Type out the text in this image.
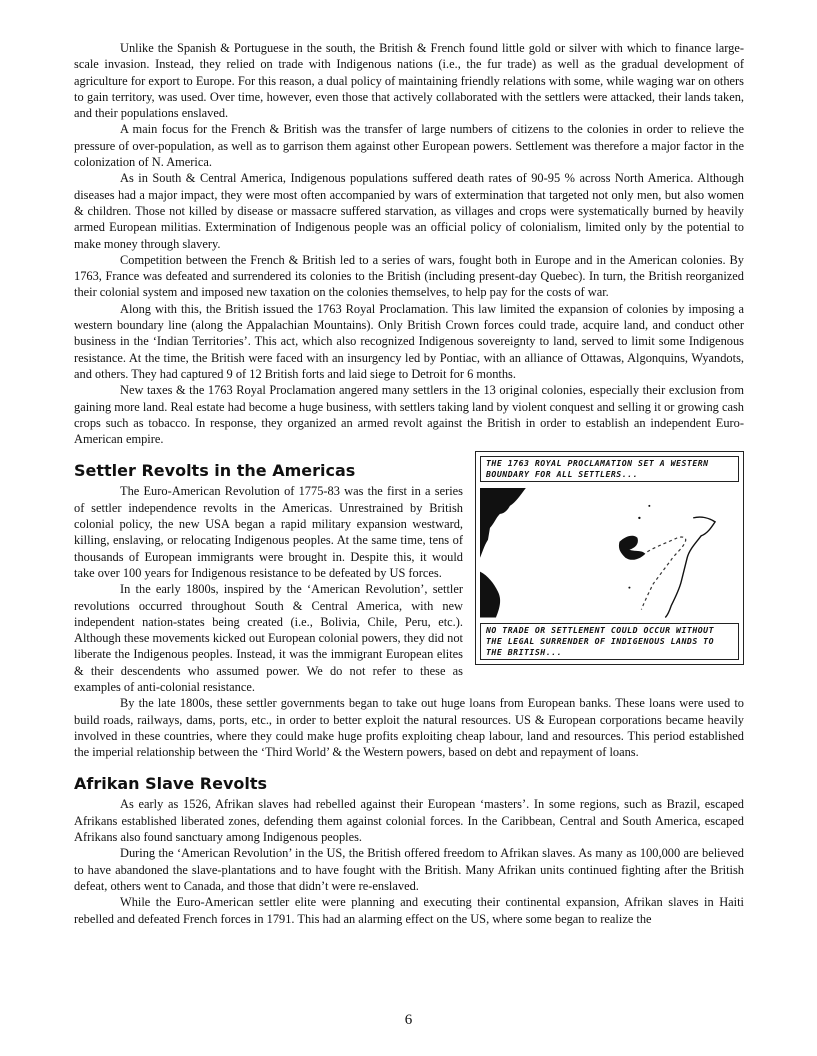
Unlike the Spanish & Portuguese in the south, the British & French found little gold or silver with which to finance large-scale invasion. Instead, they relied on trade with Indigenous nations (i.e., the fur trade) as well as the gradual development of agriculture for export to Europe. For this reason, a dual policy of maintaining friendly relations with some, while waging war on others to gain territory, was used. Over time, however, even those that actively collaborated with the settlers were attacked, their lands taken, and their populations enslaved.

A main focus for the French & British was the transfer of large numbers of citizens to the colonies in order to relieve the pressure of over-population, as well as to garrison them against other European powers. Settlement was therefore a major factor in the colonization of N. America.

As in South & Central America, Indigenous populations suffered death rates of 90-95 % across North America. Although diseases had a major impact, they were most often accompanied by wars of extermination that targeted not only men, but also women & children. Those not killed by disease or massacre suffered starvation, as villages and crops were systematically burned by heavily armed European militias. Extermination of Indigenous people was an official policy of colonialism, limited only by the potential to make money through slavery.

Competition between the French & British led to a series of wars, fought both in Europe and in the American colonies. By 1763, France was defeated and surrendered its colonies to the British (including present-day Quebec). In turn, the British reorganized their colonial system and imposed new taxation on the colonies themselves, to help pay for the costs of war.

Along with this, the British issued the 1763 Royal Proclamation. This law limited the expansion of colonies by imposing a western boundary line (along the Appalachian Mountains). Only British Crown forces could trade, acquire land, and conduct other business in the ‘Indian Territories’. This act, which also recognized Indigenous sovereignty to land, served to limit some Indigenous resistance. At the time, the British were faced with an insurgency led by Pontiac, with an alliance of Ottawas, Algonquins, Wyandots, and others. They had captured 9 of 12 British forts and laid siege to Detroit for 6 months.

New taxes & the 1763 Royal Proclamation angered many settlers in the 13 original colonies, especially their exclusion from gaining more land. Real estate had become a huge business, with settlers taking land by violent conquest and selling it or growing cash crops such as tobacco. In response, they organized an armed revolt against the British in order to establish an independent Euro-American empire.

THE 1763 ROYAL PROCLAMATION SET A WESTERN BOUNDARY FOR ALL SETTLERS...
NO TRADE OR SETTLEMENT COULD OCCUR WITHOUT THE LEGAL SURRENDER OF INDIGENOUS LANDS TO THE BRITISH...
Settler Revolts in the Americas

The Euro-American Revolution of 1775-83 was the first in a series of settler independence revolts in the Americas. Unrestrained by British colonial policy, the new USA began a rapid military expansion westward, killing, enslaving, or relocating Indigenous peoples. At the same time, tens of thousands of European immigrants were brought in. Despite this, it would take over 100 years for Indigenous resistance to be defeated by US forces.

In the early 1800s, inspired by the ‘American Revolution’, settler revolutions occurred throughout South & Central America, with new independent nation-states being created (i.e., Bolivia, Chile, Peru, etc.). Although these movements kicked out European colonial powers, they did not liberate the Indigenous peoples. Instead, it was the immigrant European elites & their descendents who assumed power. We do not refer to these as examples of anti-colonial resistance.

By the late 1800s, these settler governments began to take out huge loans from European banks. These loans were used to build roads, railways, dams, ports, etc., in order to better exploit the natural resources. US & European corporations became heavily involved in these countries, where they could make huge profits exploiting cheap labour, land and resources. This period established the imperial relationship between the ‘Third World’ & the Western powers, based on debt and repayment of loans.

Afrikan Slave Revolts

As early as 1526, Afrikan slaves had rebelled against their European ‘masters’. In some regions, such as Brazil, escaped Afrikans established liberated zones, defending them against colonial forces. In the Caribbean, Central and South America, escaped Afrikans also found sanctuary among Indigenous peoples.

During the ‘American Revolution’ in the US, the British offered freedom to Afrikan slaves. As many as 100,000 are believed to have abandoned the slave-plantations and to have fought with the British. Many Afrikan units continued fighting after the British defeat, others went to Canada, and those that didn’t were re-enslaved.

While the Euro-American settler elite were planning and executing their continental expansion, Afrikan slaves in Haiti rebelled and defeated French forces in 1791. This had an alarming effect on the US, where some began to realize the

6
